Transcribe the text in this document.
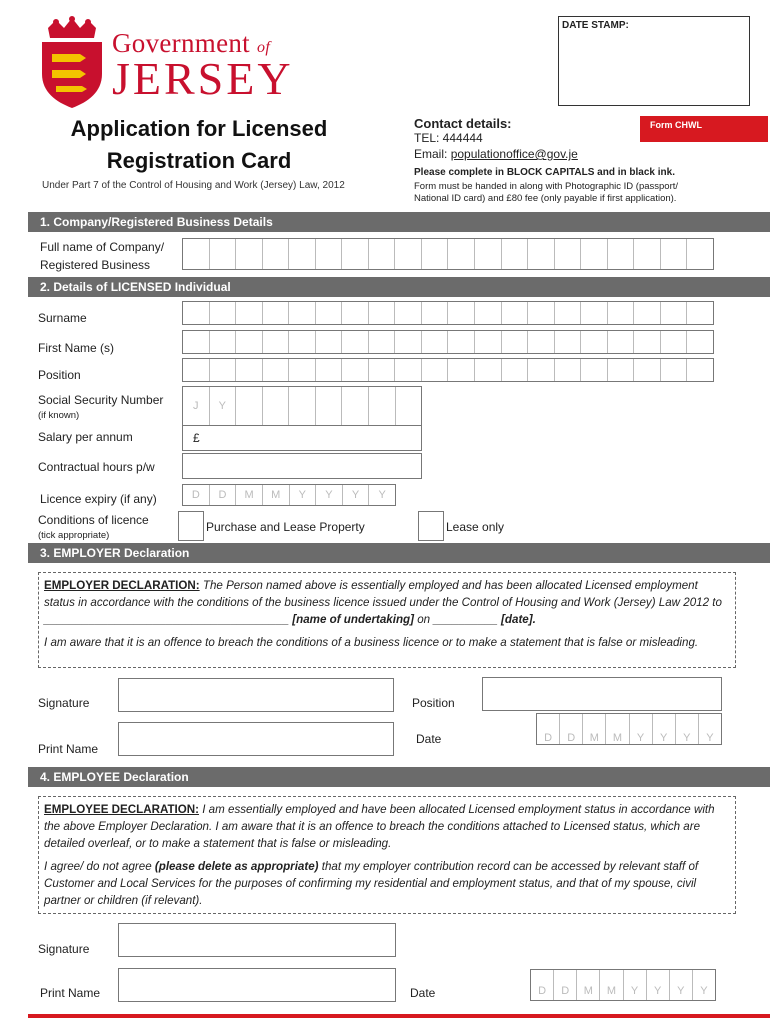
Government of
JERSEY
DATE STAMP:
Application for Licensed
Registration Card
Under Part 7 of the Control of Housing and Work (Jersey) Law, 2012
Contact details:
TEL: 444444
Email: populationoffice@gov.je
Form CHWL
Please complete in BLOCK CAPITALS and in black ink.
Form must be handed in along with Photographic ID (passport/
National ID card) and £80 fee (only payable if first application).
1. Company/Registered Business Details
Full name of Company/
Registered Business
2. Details of LICENSED Individual
Surname
First Name (s)
Position
Social Security Number
(if known)
J	Y
Salary per annum	£
Contractual hours p/w
Licence expiry (if any)	D	D	M	M	Y	Y	Y	Y
Conditions of licence
(tick appropriate)
Purchase and Lease Property	Lease only
3. EMPLOYER Declaration

EMPLOYER DECLARATION: The Person named above is essentially employed and has been allocated Licensed employment status in accordance with the conditions of the business licence issued under the Control of Housing and Work (Jersey) Law 2012 to ______________________________________ [name of undertaking] on __________ [date].

I am aware that it is an offence to breach the conditions of a business licence or to make a statement that is false or misleading.

Signature	Position
Print Name
Date	D	D	M	M	Y	Y	Y	Y
4. EMPLOYEE Declaration

EMPLOYEE DECLARATION: I am essentially employed and have been allocated Licensed employment status in accordance with the above Employer Declaration. I am aware that it is an offence to breach the conditions attached to Licensed status, which are detailed overleaf, or to make a statement that is false or misleading.

I agree/ do not agree (please delete as appropriate) that my employer contribution record can be accessed by relevant staff of Customer and Local Services for the purposes of confirming my residential and employment status, and that of my spouse, civil partner or children (if relevant).

Signature
Print Name	Date	D	D	M	M	Y	Y	Y	Y
